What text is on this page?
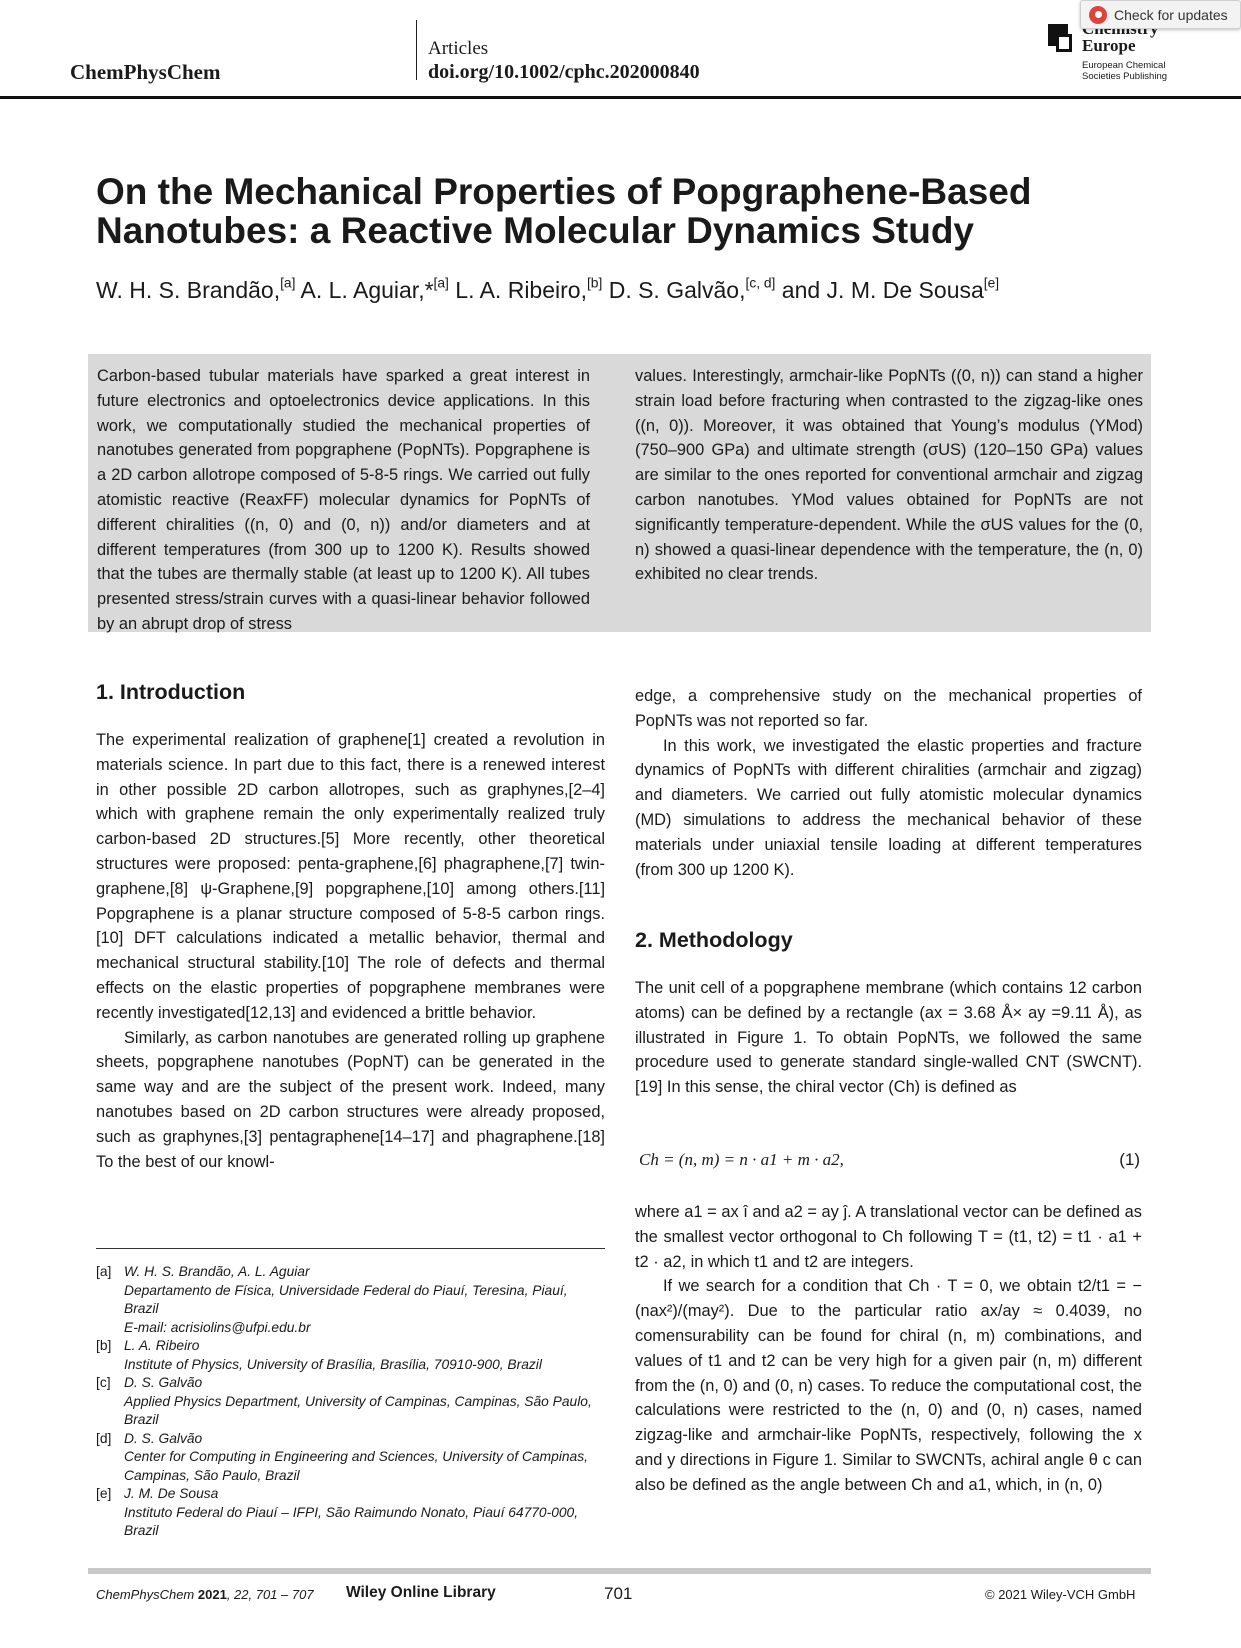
ChemPhysChem
Articles
doi.org/10.1002/cphc.202000840
Europe
European Chemical
Societies Publishing
Check for updates
On the Mechanical Properties of Popgraphene-Based Nanotubes: a Reactive Molecular Dynamics Study
W. H. S. Brandão,[a] A. L. Aguiar,*[a] L. A. Ribeiro,[b] D. S. Galvão,[c, d] and J. M. De Sousa[e]
Carbon-based tubular materials have sparked a great interest in future electronics and optoelectronics device applications. In this work, we computationally studied the mechanical properties of nanotubes generated from popgraphene (PopNTs). Popgraphene is a 2D carbon allotrope composed of 5-8-5 rings. We carried out fully atomistic reactive (ReaxFF) molecular dynamics for PopNTs of different chiralities ((n, 0) and (0, n)) and/or diameters and at different temperatures (from 300 up to 1200 K). Results showed that the tubes are thermally stable (at least up to 1200 K). All tubes presented stress/strain curves with a quasi-linear behavior followed by an abrupt drop of stress
values. Interestingly, armchair-like PopNTs ((0, n)) can stand a higher strain load before fracturing when contrasted to the zigzag-like ones ((n, 0)). Moreover, it was obtained that Young’s modulus (YMod) (750–900 GPa) and ultimate strength (σUS) (120–150 GPa) values are similar to the ones reported for conventional armchair and zigzag carbon nanotubes. YMod values obtained for PopNTs are not significantly temperature-dependent. While the σUS values for the (0, n) showed a quasi-linear dependence with the temperature, the (n, 0) exhibited no clear trends.
1. Introduction

The experimental realization of graphene[1] created a revolution in materials science. In part due to this fact, there is a renewed interest in other possible 2D carbon allotropes, such as graphynes,[2–4] which with graphene remain the only experimentally realized truly carbon-based 2D structures.[5] More recently, other theoretical structures were proposed: penta-graphene,[6] phagraphene,[7] twin-graphene,[8] ψ-Graphene,[9] popgraphene,[10] among others.[11] Popgraphene is a planar structure composed of 5-8-5 carbon rings.[10] DFT calculations indicated a metallic behavior, thermal and mechanical structural stability.[10] The role of defects and thermal effects on the elastic properties of popgraphene membranes were recently investigated[12,13] and evidenced a brittle behavior.

Similarly, as carbon nanotubes are generated rolling up graphene sheets, popgraphene nanotubes (PopNT) can be generated in the same way and are the subject of the present work. Indeed, many nanotubes based on 2D carbon structures were already proposed, such as graphynes,[3] pentagraphene[14–17] and phagraphene.[18] To the best of our knowl-

edge, a comprehensive study on the mechanical properties of PopNTs was not reported so far.

In this work, we investigated the elastic properties and fracture dynamics of PopNTs with different chiralities (armchair and zigzag) and diameters. We carried out fully atomistic molecular dynamics (MD) simulations to address the mechanical behavior of these materials under uniaxial tensile loading at different temperatures (from 300 up 1200 K).

2. Methodology

The unit cell of a popgraphene membrane (which contains 12 carbon atoms) can be defined by a rectangle (ax = 3.68 Å× ay =9.11 Å), as illustrated in Figure 1. To obtain PopNTs, we followed the same procedure used to generate standard single-walled CNT (SWCNT).[19] In this sense, the chiral vector (Ch) is defined as

Ch = (n, m) = n · a1 + m · a2,	(1)

where a1 = ax î and a2 = ay ĵ. A translational vector can be defined as the smallest vector orthogonal to Ch following T = (t1, t2) = t1 · a1 + t2 · a2, in which t1 and t2 are integers.

If we search for a condition that Ch · T = 0, we obtain t2/t1 = −(nax²)/(may²). Due to the particular ratio ax/ay ≈ 0.4039, no comensurability can be found for chiral (n, m) combinations, and values of t1 and t2 can be very high for a given pair (n, m) different from the (n, 0) and (0, n) cases. To reduce the computational cost, the calculations were restricted to the (n, 0) and (0, n) cases, named zigzag-like and armchair-like PopNTs, respectively, following the x and y directions in Figure 1. Similar to SWCNTs, achiral angle θ c can also be defined as the angle between Ch and a1, which, in (n, 0)

[a] W. H. S. Brandão, A. L. Aguiar
Departamento de Física, Universidade Federal do Piauí, Teresina, Piauí, Brazil
E-mail: acrisiolins@ufpi.edu.br
[b] L. A. Ribeiro
Institute of Physics, University of Brasília, Brasília, 70910-900, Brazil
[c] D. S. Galvão
Applied Physics Department, University of Campinas, Campinas, São Paulo, Brazil
[d] D. S. Galvão
Center for Computing in Engineering and Sciences, University of Campinas, Campinas, São Paulo, Brazil
[e] J. M. De Sousa
Instituto Federal do Piauí – IFPI, São Raimundo Nonato, Piauí 64770-000, Brazil
ChemPhysChem 2021, 22, 701 – 707 Wiley Online Library	701	© 2021 Wiley-VCH GmbH
